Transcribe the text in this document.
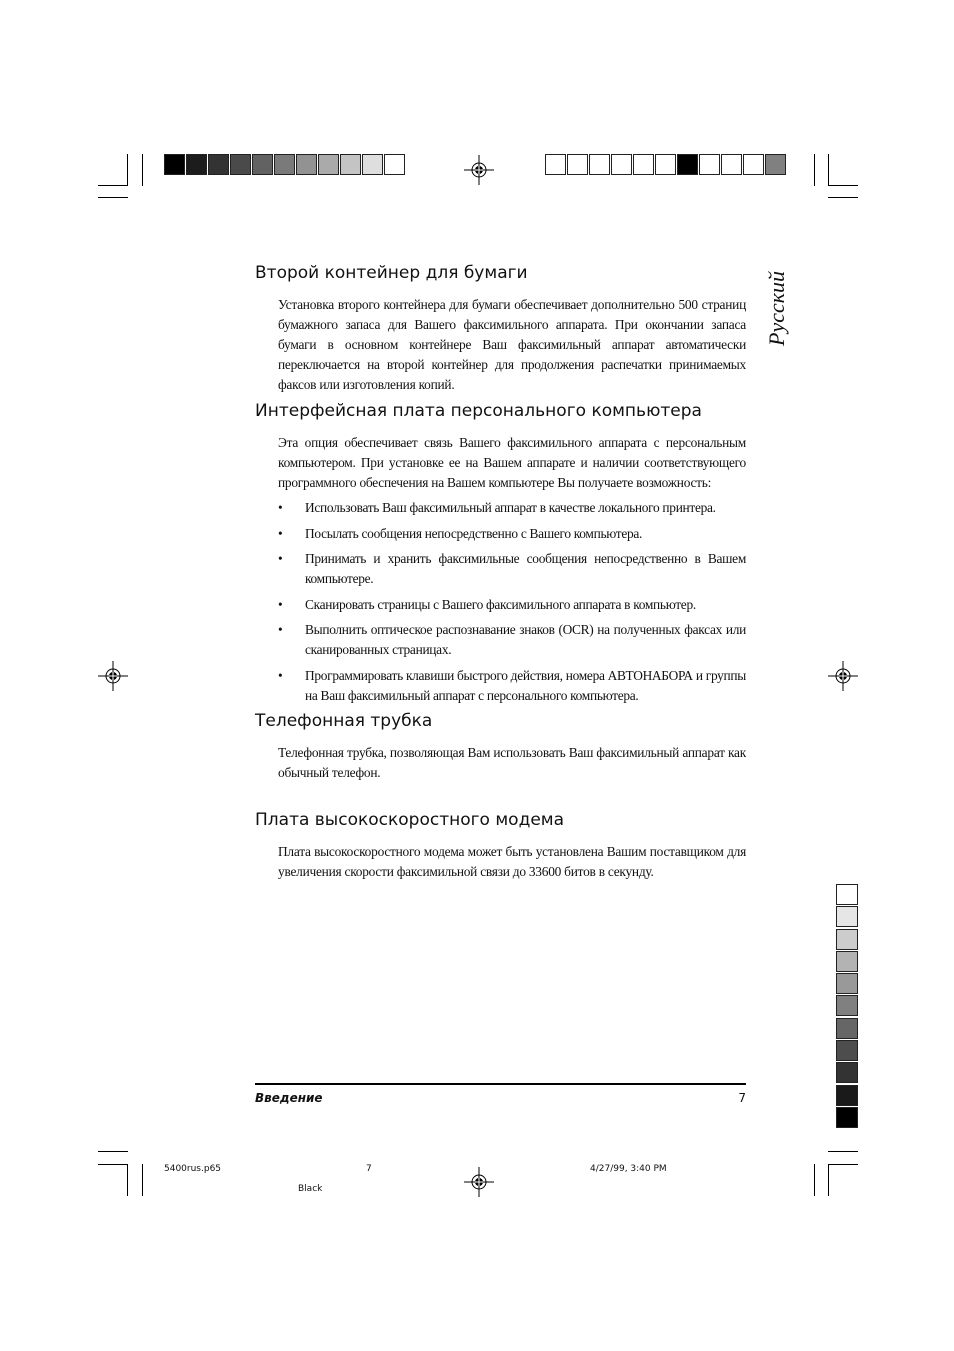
Русский
Второй контейнер для бумаги

Установка второго контейнера для бумаги обеспечивает дополнительно 500 страниц бумажного запаса для Вашего факсимильного аппарата. При окончании запаса бумаги в основном контейнере Ваш факсимильный аппарат автоматически переключается на второй контейнер для продолжения распечатки принимаемых факсов или изготовления копий.

Интерфейсная плата персонального компьютера

Эта опция обеспечивает связь Вашего факсимильного аппарата с персональным компьютером. При установке ее на Вашем аппарате и наличии соответствующего программного обеспечения на Вашем компьютере Вы получаете возможность:

• Использовать Ваш факсимильный аппарат в качестве локального принтера.
• Посылать сообщения непосредственно с Вашего компьютера.
• Принимать и хранить факсимильные сообщения непосредственно в Вашем компьютере.
• Сканировать страницы с Вашего факсимильного аппарата в компьютер.
• Выполнить оптическое распознавание знаков (OCR) на полученных факсах или сканированных страницах.
• Программировать клавиши быстрого действия, номера АВТОНАБОРА и группы на Ваш факсимильный аппарат с персонального компьютера.
Телефонная трубка

Телефонная трубка, позволяющая Вам использовать Ваш факсимильный аппарат как обычный телефон.

Плата высокоскоростного модема

Плата высокоскоростного модема может быть установлена Вашим поставщиком для увеличения скорости факсимильной связи до 33600 битов в секунду.

Введение	7
5400rus.p65	7	4/27/99, 3:40 PM
Black
